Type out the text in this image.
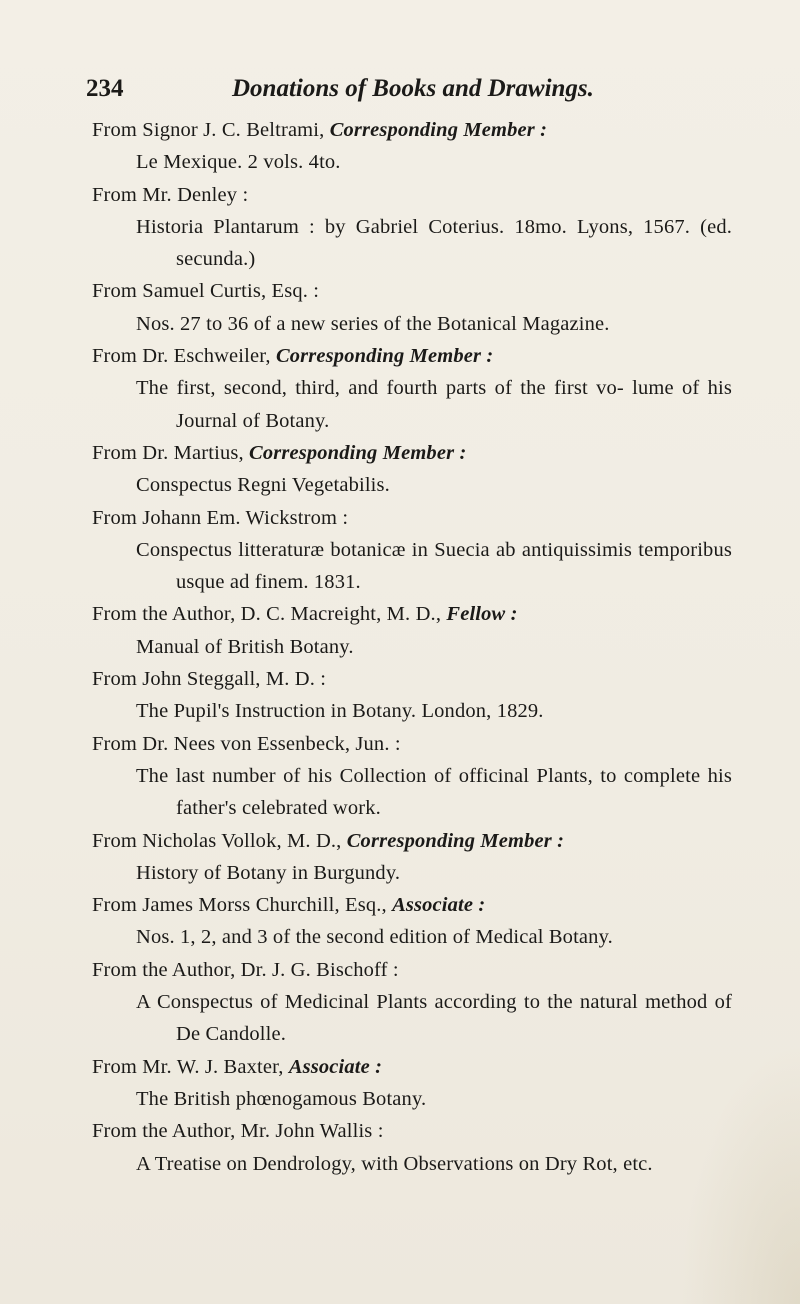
234	Donations of Books and Drawings.
From Signor J. C. Beltrami, Corresponding Member :
Le Mexique. 2 vols. 4to.
From Mr. Denley :
Historia Plantarum : by Gabriel Coterius. 18mo. Lyons, 1567. (ed. secunda.)
From Samuel Curtis, Esq. :
Nos. 27 to 36 of a new series of the Botanical Magazine.
From Dr. Eschweiler, Corresponding Member :
The first, second, third, and fourth parts of the first vo- lume of his Journal of Botany.
From Dr. Martius, Corresponding Member :
Conspectus Regni Vegetabilis.
From Johann Em. Wickstrom :
Conspectus litteraturæ botanicæ in Suecia ab antiquissimis temporibus usque ad finem. 1831.
From the Author, D. C. Macreight, M. D., Fellow :
Manual of British Botany.
From John Steggall, M. D. :
The Pupil's Instruction in Botany. London, 1829.
From Dr. Nees von Essenbeck, Jun. :
The last number of his Collection of officinal Plants, to complete his father's celebrated work.
From Nicholas Vollok, M. D., Corresponding Member :
History of Botany in Burgundy.
From James Morss Churchill, Esq., Associate :
Nos. 1, 2, and 3 of the second edition of Medical Botany.
From the Author, Dr. J. G. Bischoff :
A Conspectus of Medicinal Plants according to the natural method of De Candolle.
From Mr. W. J. Baxter, Associate :
The British phœnogamous Botany.
From the Author, Mr. John Wallis :
A Treatise on Dendrology, with Observations on Dry Rot, etc.
